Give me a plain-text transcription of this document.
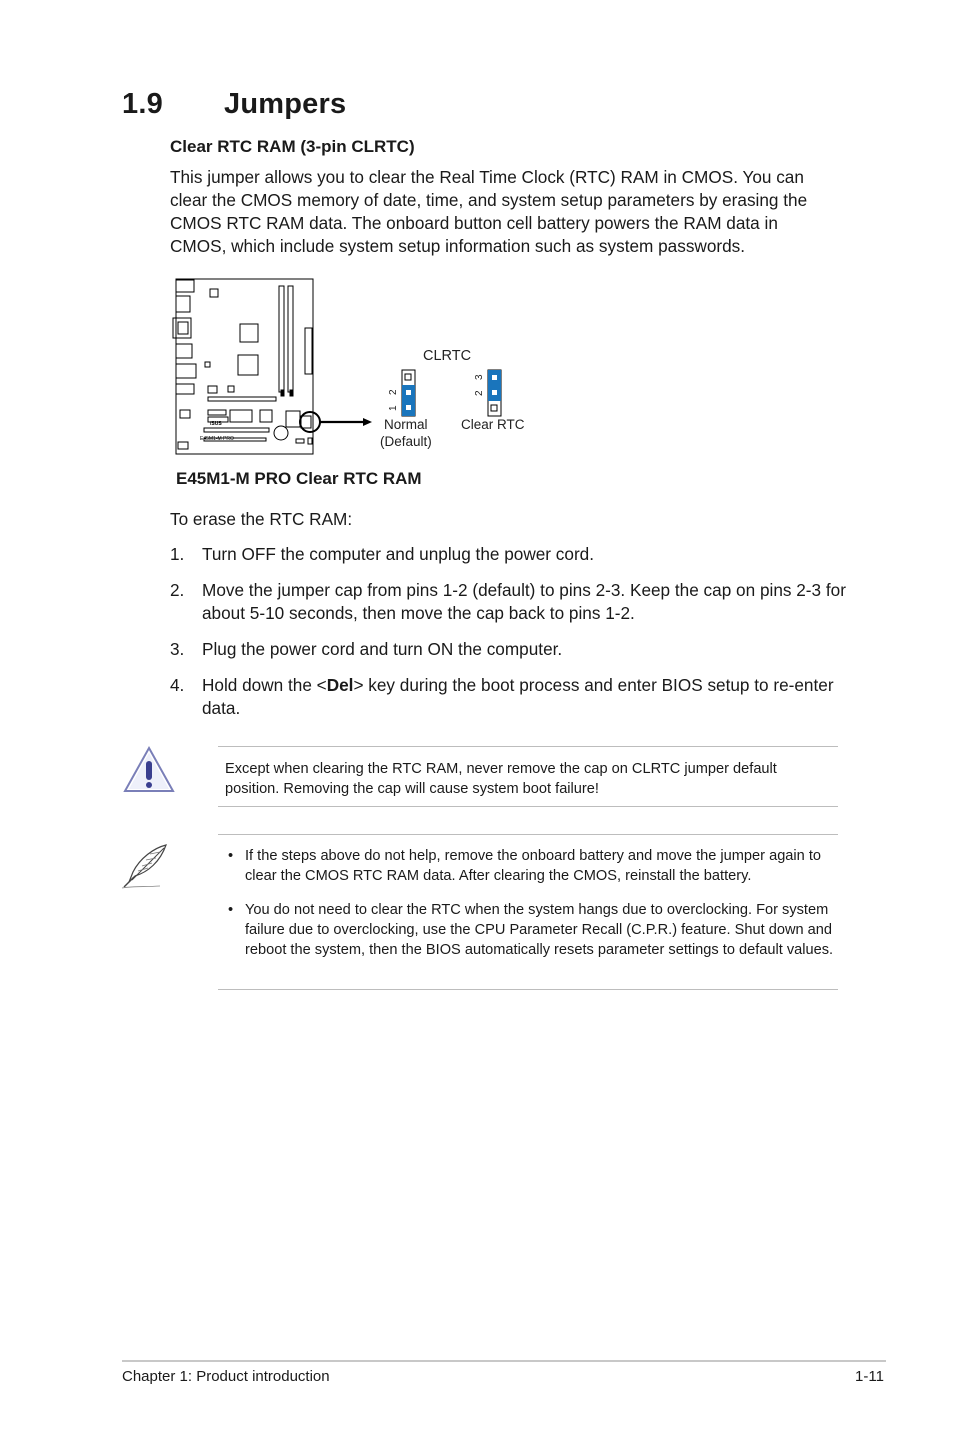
1.9 Jumpers
Clear RTC RAM (3-pin CLRTC)
This jumper allows you to clear the Real Time Clock (RTC) RAM in CMOS. You can clear the CMOS memory of date, time, and system setup parameters by erasing the CMOS RTC RAM data. The onboard button cell battery powers the RAM data in CMOS, which include system setup information such as system passwords.
/SUS
E45M1-M PRO
CLRTC
2
1
3
2
Normal
(Default)
Clear RTC
E45M1-M PRO Clear RTC RAM
To erase the RTC RAM:
1. Turn OFF the computer and unplug the power cord.
2. Move the jumper cap from pins 1-2 (default) to pins 2-3. Keep the cap on pins 2-3 for about 5-10 seconds, then move the cap back to pins 1-2.
3. Plug the power cord and turn ON the computer.
4. Hold down the <Del> key during the boot process and enter BIOS setup to re-enter data.
Except when clearing the RTC RAM, never remove the cap on CLRTC jumper default position. Removing the cap will cause system boot failure!
• If the steps above do not help, remove the onboard battery and move the jumper again to clear the CMOS RTC RAM data. After clearing the CMOS, reinstall the battery.
• You do not need to clear the RTC when the system hangs due to overclocking. For system failure due to overclocking, use the CPU Parameter Recall (C.P.R.) feature. Shut down and reboot the system, then the BIOS automatically resets parameter settings to default values.
Chapter 1: Product introduction	1-11
